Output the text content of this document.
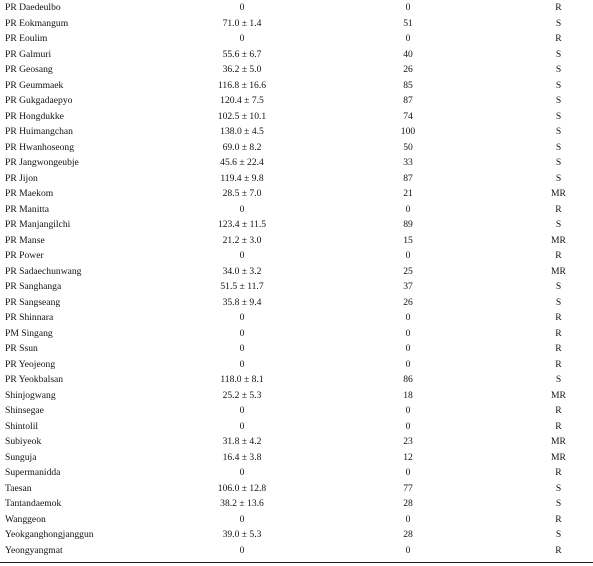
PR Daedeulbo	0	0	R
PR Eokmangum	71.0 ± 1.4	51	S
PR Eoulim	0	0	R
PR Galmuri	55.6 ± 6.7	40	S
PR Geosang	36.2 ± 5.0	26	S
PR Geummaek	116.8 ± 16.6	85	S
PR Gukgadaepyo	120.4 ± 7.5	87	S
PR Hongdukke	102.5 ± 10.1	74	S
PR Huimangchan	138.0 ± 4.5	100	S
PR Hwanhoseong	69.0 ± 8.2	50	S
PR Jangwongeubje	45.6 ± 22.4	33	S
PR Jijon	119.4 ± 9.8	87	S
PR Maekom	28.5 ± 7.0	21	MR
PR Manitta	0	0	R
PR Manjangilchi	123.4 ± 11.5	89	S
PR Manse	21.2 ± 3.0	15	MR
PR Power	0	0	R
PR Sadaechunwang	34.0 ± 3.2	25	MR
PR Sanghanga	51.5 ± 11.7	37	S
PR Sangseang	35.8 ± 9.4	26	S
PR Shinnara	0	0	R
PM Singang	0	0	R
PR Ssun	0	0	R
PR Yeojeong	0	0	R
PR Yeokbalsan	118.0 ± 8.1	86	S
Shinjogwang	25.2 ± 5.3	18	MR
Shinsegae	0	0	R
Shintolil	0	0	R
Subiyeok	31.8 ± 4.2	23	MR
Sunguja	16.4 ± 3.8	12	MR
Supermanidda	0	0	R
Taesan	106.0 ± 12.8	77	S
Tantandaemok	38.2 ± 13.6	28	S
Wanggeon	0	0	R
Yeokganghongjanggun	39.0 ± 5.3	28	S
Yeongyangmat	0	0	R
